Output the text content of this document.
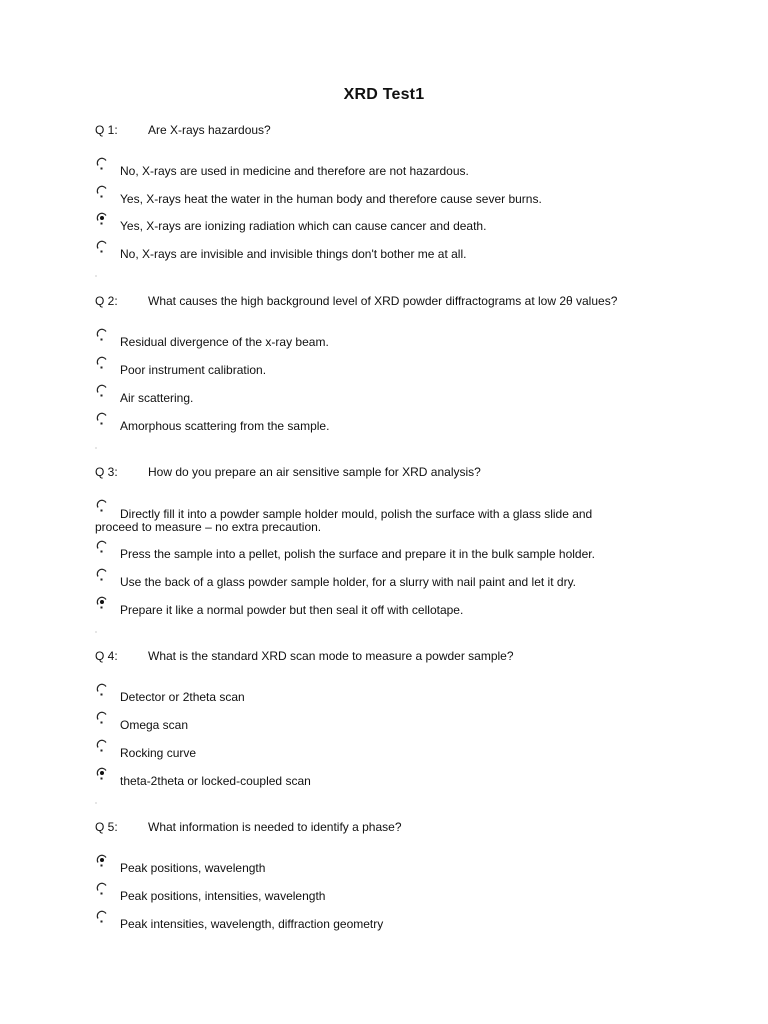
XRD Test1
Q 1:	Are X-rays hazardous?
No, X-rays are used in medicine and therefore are not hazardous.
Yes, X-rays heat the water in the human body and therefore cause sever burns.
Yes, X-rays are ionizing radiation which can cause cancer and death.
No, X-rays are invisible and invisible things don't bother me at all.
Q 2:	What causes the high background level of XRD powder diffractograms at low 2θ values?
Residual divergence of the x-ray beam.
Poor instrument calibration.
Air scattering.
Amorphous scattering from the sample.
Q 3:	How do you prepare an air sensitive sample for XRD analysis?
Directly fill it into a powder sample holder mould, polish the surface with a glass slide and proceed to measure – no extra precaution.
Press the sample into a pellet, polish the surface and prepare it in the bulk sample holder.
Use the back of a glass powder sample holder, for a slurry with nail paint and let it dry.
Prepare it like a normal powder but then seal it off with cellotape.
Q 4:	What is the standard XRD scan mode to measure a powder sample?
Detector or 2theta scan
Omega scan
Rocking curve
theta-2theta or locked-coupled scan
Q 5:	What information is needed to identify a phase?
Peak positions, wavelength
Peak positions, intensities, wavelength
Peak intensities, wavelength, diffraction geometry
